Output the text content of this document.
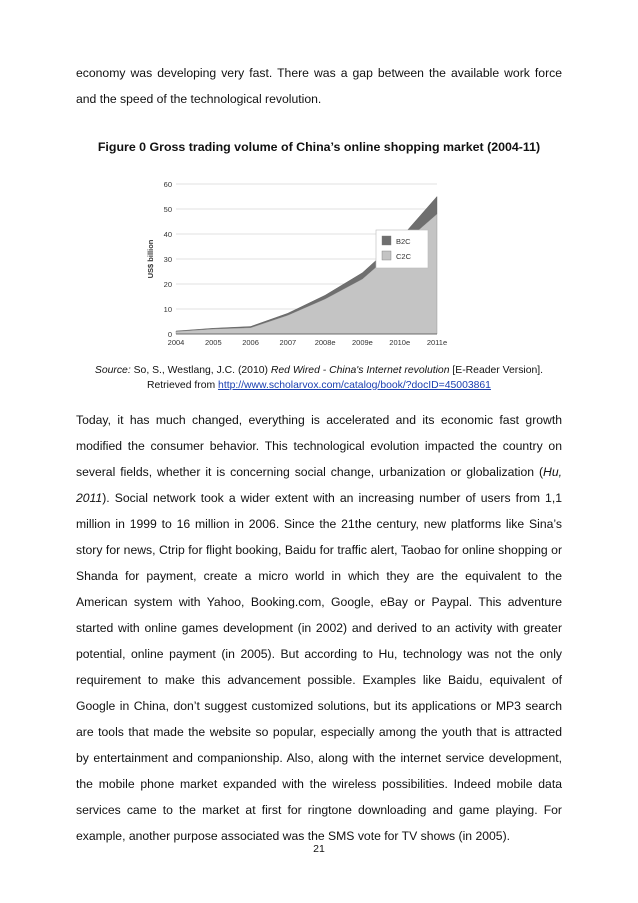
economy was developing very fast. There was a gap between the available work force and the speed of the technological revolution.

Figure 0 Gross trading volume of China’s online shopping market (2004-11)

0
10
20
30
40
50
60
2004	2005	2006	2007 2008e 2009e 2010e 2011e
US$ billion	B2C
C2C

Source: So, S., Westlang, J.C. (2010) Red Wired - China's Internet revolution [E-Reader Version].
Retrieved from http://www.scholarvox.com/catalog/book/?docID=45003861

Today, it has much changed, everything is accelerated and its economic fast growth modified the consumer behavior. This technological evolution impacted the country on several fields, whether it is concerning social change, urbanization or globalization (Hu, 2011). Social network took a wider extent with an increasing number of users from 1,1 million in 1999 to 16 million in 2006. Since the 21the century, new platforms like Sina’s story for news, Ctrip for flight booking, Baidu for traffic alert, Taobao for online shopping or Shanda for payment, create a micro world in which they are the equivalent to the American system with Yahoo, Booking.com, Google, eBay or Paypal. This adventure started with online games development (in 2002) and derived to an activity with greater potential, online payment (in 2005). But according to Hu, technology was not the only requirement to make this advancement possible. Examples like Baidu, equivalent of Google in China, don’t suggest customized solutions, but its applications or MP3 search are tools that made the website so popular, especially among the youth that is attracted by entertainment and companionship. Also, along with the internet service development, the mobile phone market expanded with the wireless possibilities. Indeed mobile data services came to the market at first for ringtone downloading and game playing. For example, another purpose associated was the SMS vote for TV shows (in 2005).

21
